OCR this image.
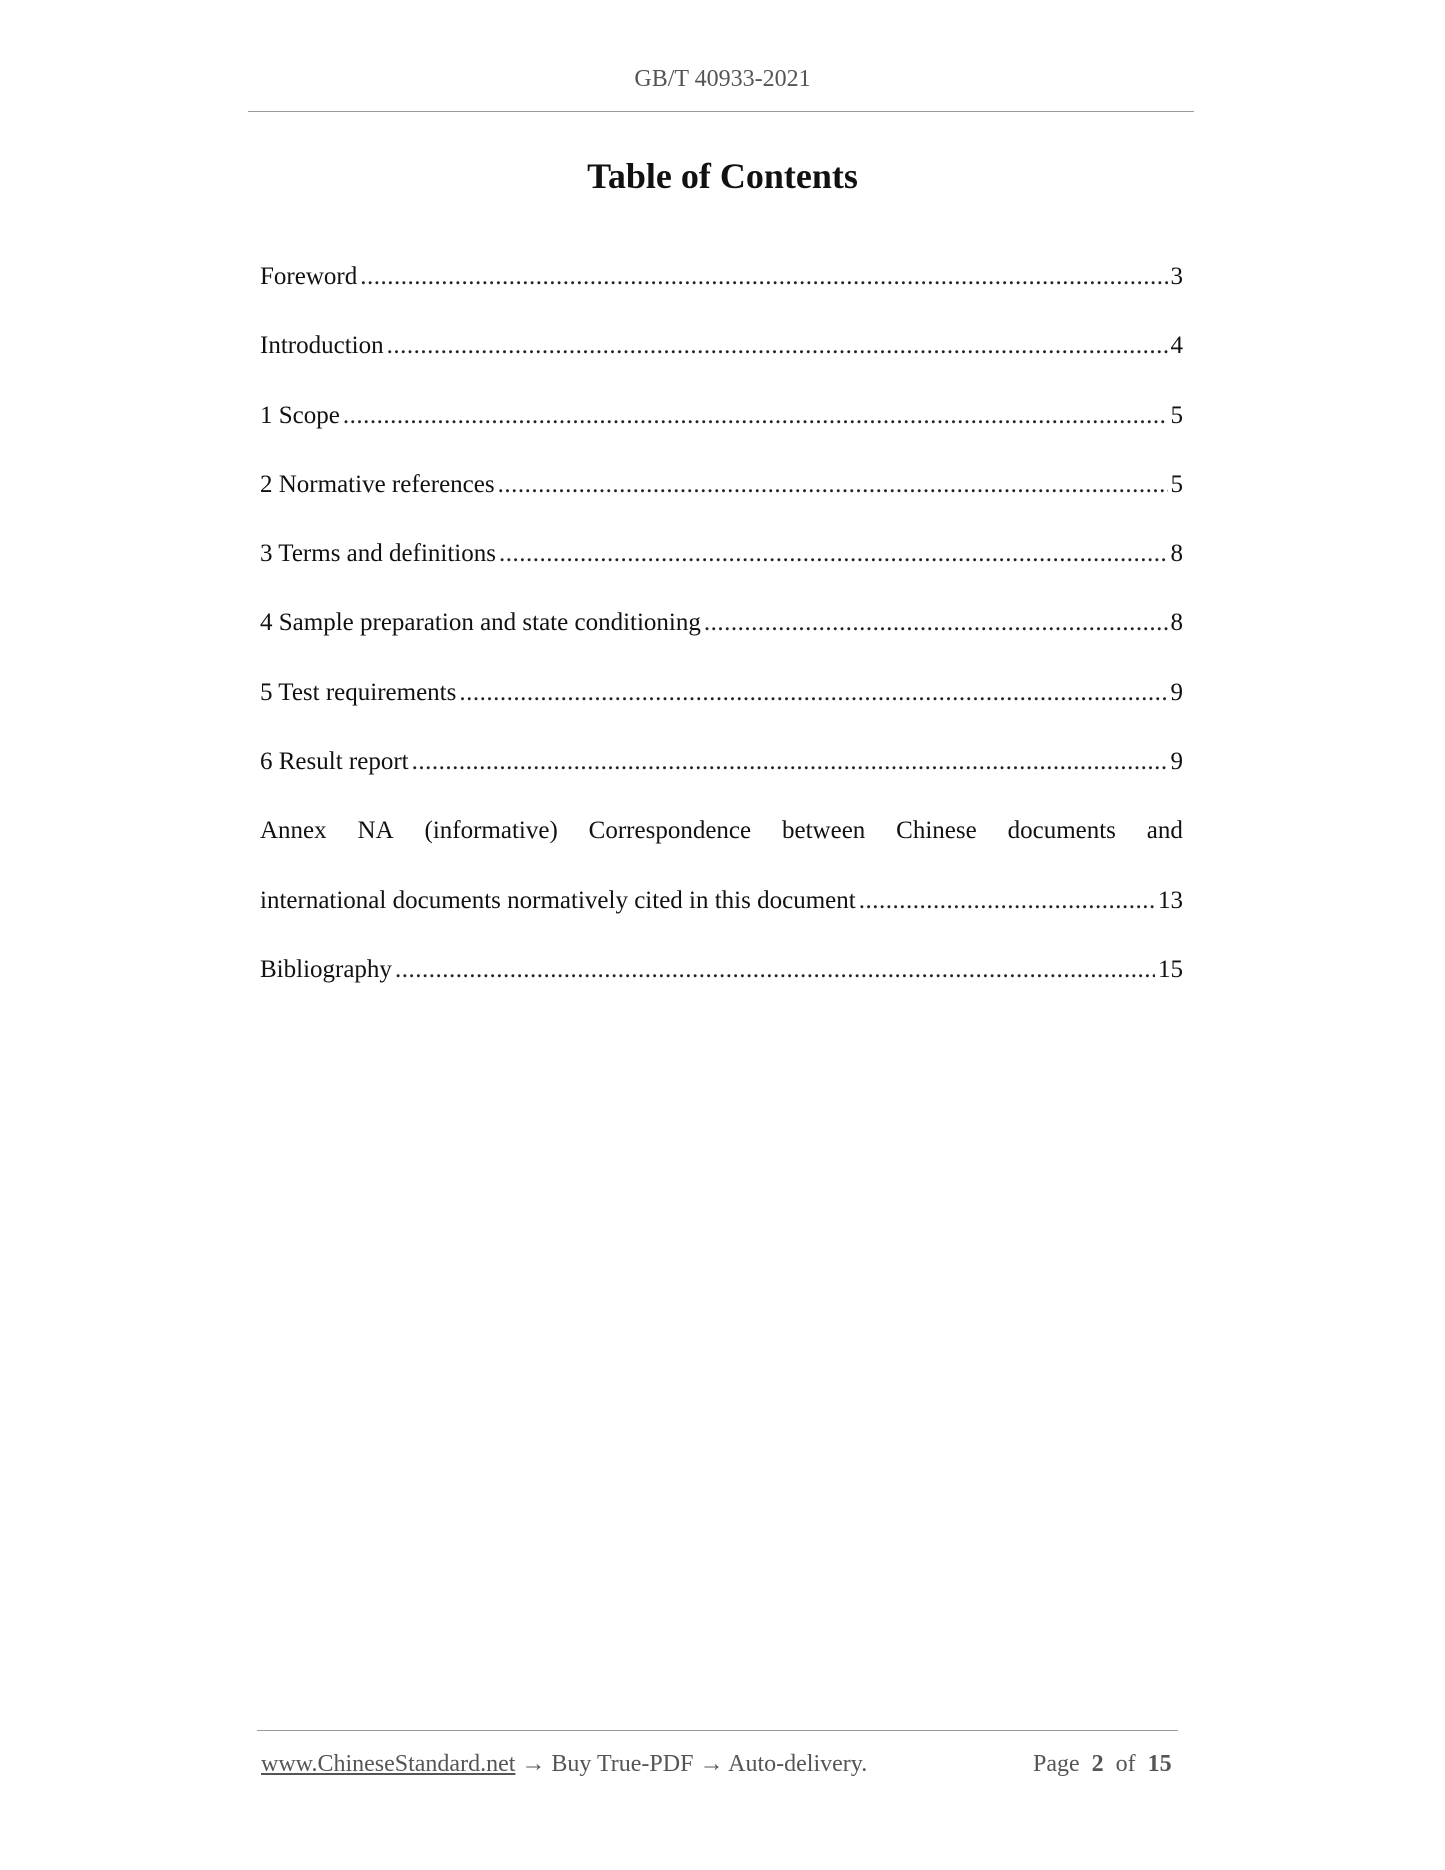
GB/T 40933-2021
Table of Contents
Foreword .....	3
Introduction .....	4
1 Scope .....	5
2 Normative references .....	5
3 Terms and definitions .....	8
4 Sample preparation and state conditioning .....	8
5 Test requirements .....	9
6 Result report .....	9
Annex NA (informative) Correspondence between Chinese documents and
international documents normatively cited in this document .....	13
Bibliography .....	15
www.ChineseStandard.net → Buy True-PDF → Auto-delivery.	Page 2 of 15
